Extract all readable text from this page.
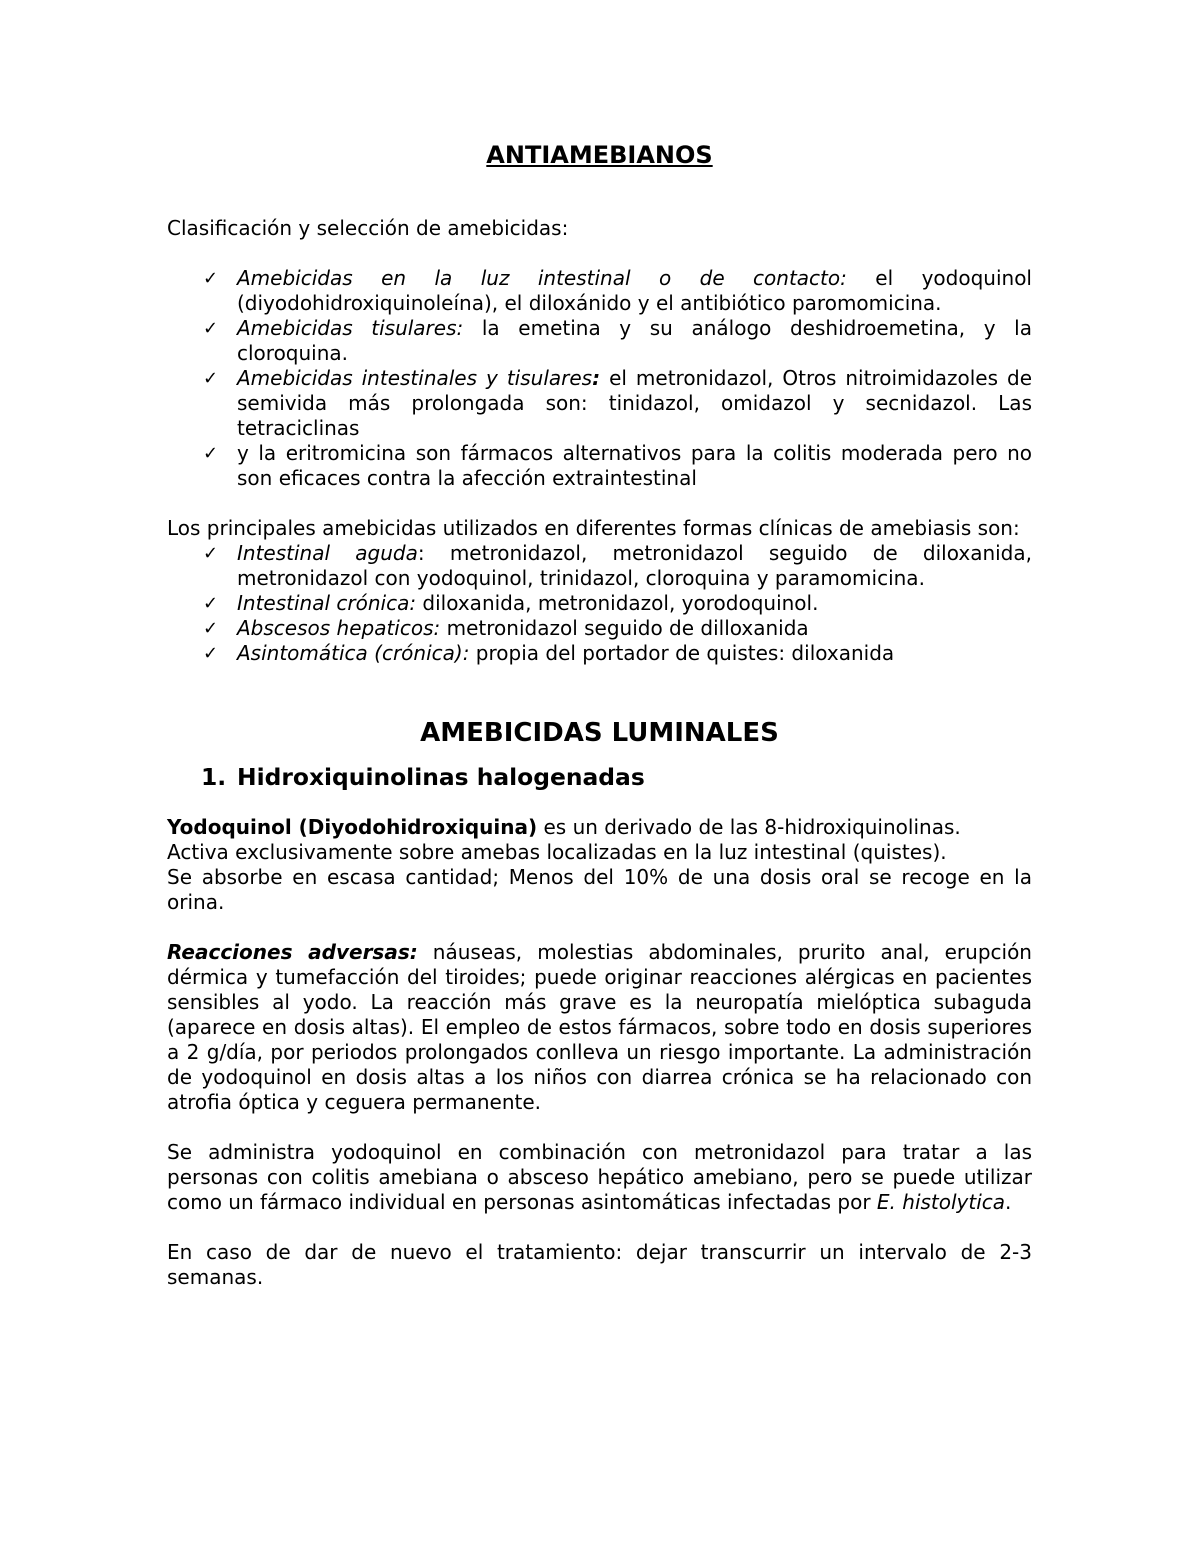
ANTIAMEBIANOS

Clasificación y selección de amebicidas:

✓ Amebicidas en la luz intestinal o de contacto: el yodoquinol (diyodohidroxiquinoleína), el diloxánido y el antibiótico paromomicina.
✓ Amebicidas tisulares: la emetina y su análogo deshidroemetina, y la cloroquina.
✓ Amebicidas intestinales y tisulares: el metronidazol, Otros nitroimidazoles de semivida más prolongada son: tinidazol, omidazol y secnidazol. Las tetraciclinas
✓ y la eritromicina son fármacos alternativos para la colitis moderada pero no son eficaces contra la afección extraintestinal

Los principales amebicidas utilizados en diferentes formas clínicas de amebiasis son:

✓ Intestinal aguda: metronidazol, metronidazol seguido de diloxanida, metronidazol con yodoquinol, trinidazol, cloroquina y paramomicina.
✓ Intestinal crónica: diloxanida, metronidazol, yorodoquinol.
✓ Abscesos hepaticos: metronidazol seguido de dilloxanida
✓ Asintomática (crónica): propia del portador de quistes: diloxanida
AMEBICIDAS LUMINALES
1. Hidroxiquinolinas halogenadas

Yodoquinol (Diyodohidroxiquina) es un derivado de las 8-hidroxiquinolinas.

Activa exclusivamente sobre amebas localizadas en la luz intestinal (quistes).

Se absorbe en escasa cantidad; Menos del 10% de una dosis oral se recoge en la orina.

Reacciones adversas: náuseas, molestias abdominales, prurito anal, erupción dérmica y tumefacción del tiroides; puede originar reacciones alérgicas en pacientes sensibles al yodo. La reacción más grave es la neuropatía mielóptica subaguda (aparece en dosis altas). El empleo de estos fármacos, sobre todo en dosis superiores a 2 g/día, por periodos prolongados conlleva un riesgo importante. La administración de yodoquinol en dosis altas a los niños con diarrea crónica se ha relacionado con atrofia óptica y ceguera permanente.

Se administra yodoquinol en combinación con metronidazol para tratar a las personas con colitis amebiana o absceso hepático amebiano, pero se puede utilizar como un fármaco individual en personas asintomáticas infectadas por E. histolytica.

En caso de dar de nuevo el tratamiento: dejar transcurrir un intervalo de 2-3 semanas.
